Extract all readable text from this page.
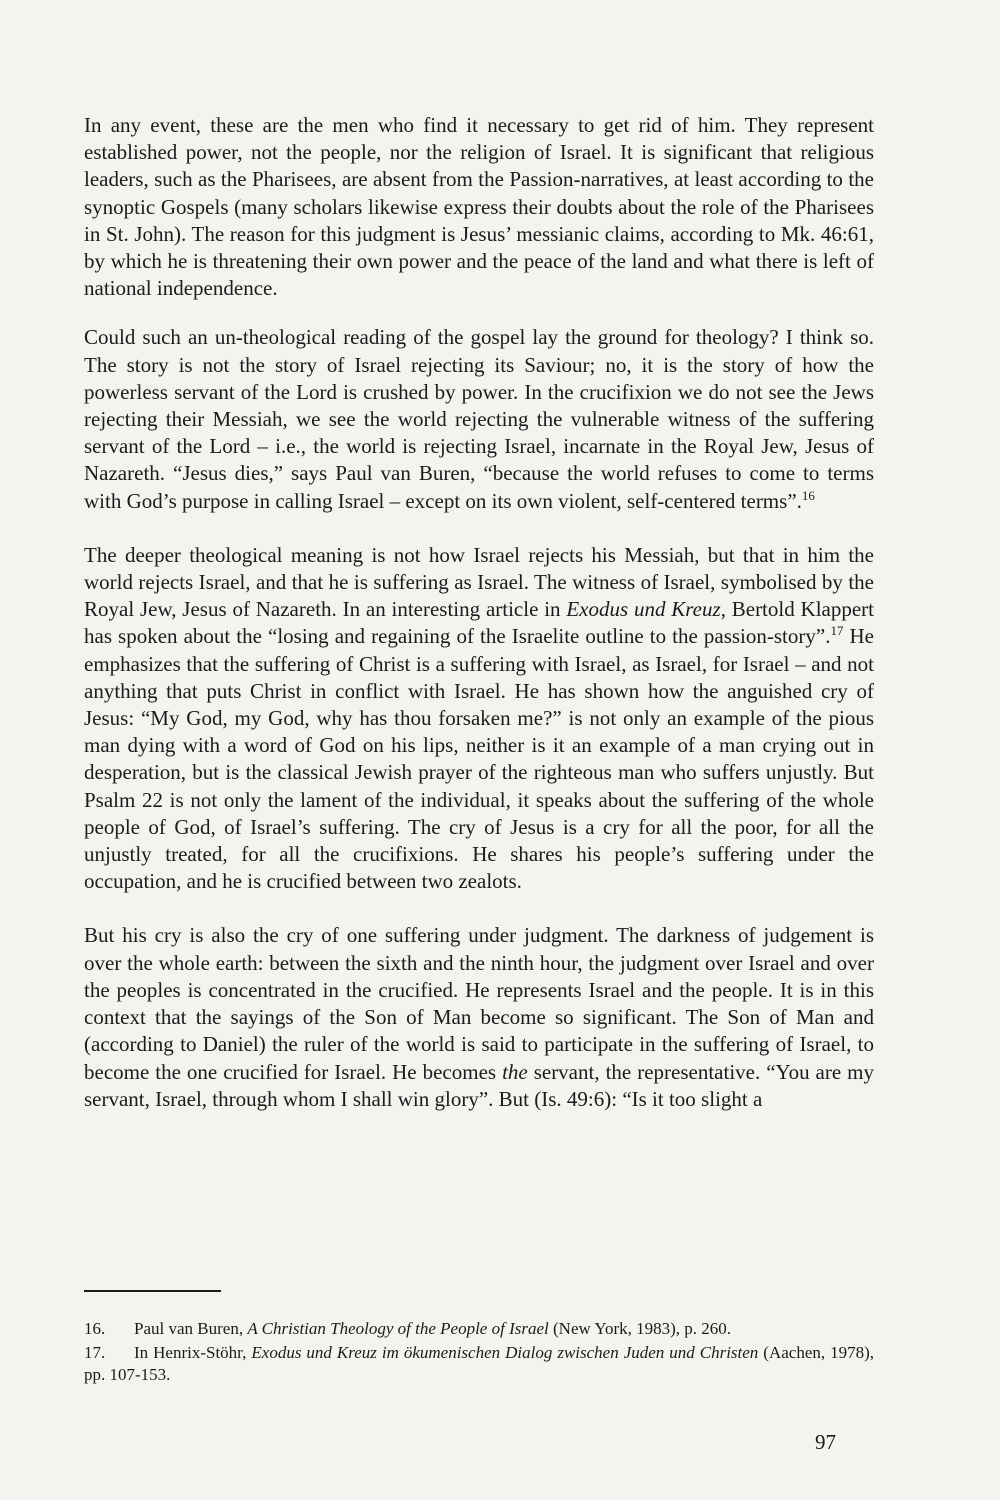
In any event, these are the men who find it necessary to get rid of him. They represent established power, not the people, nor the religion of Israel. It is significant that religious leaders, such as the Pharisees, are absent from the Passion-narratives, at least according to the synoptic Gospels (many scholars likewise express their doubts about the role of the Pharisees in St. John). The reason for this judgment is Jesus’ messianic claims, according to Mk. 46:61, by which he is threatening their own power and the peace of the land and what there is left of national independence.

Could such an un-theological reading of the gospel lay the ground for theology? I think so. The story is not the story of Israel rejecting its Saviour; no, it is the story of how the powerless servant of the Lord is crushed by power. In the crucifixion we do not see the Jews rejecting their Messiah, we see the world rejecting the vulnerable witness of the suffering servant of the Lord – i.e., the world is rejecting Israel, incarnate in the Royal Jew, Jesus of Nazareth. “Jesus dies,” says Paul van Buren, “because the world refuses to come to terms with God’s purpose in calling Israel – except on its own violent, self-centered terms”.$^{16}$

The deeper theological meaning is not how Israel rejects his Messiah, but that in him the world rejects Israel, and that he is suffering as Israel. The witness of Israel, symbolised by the Royal Jew, Jesus of Nazareth. In an interesting article in Exodus und Kreuz, Bertold Klappert has spoken about the “losing and regaining of the Israelite outline to the passion-story”.$^{17}$ He emphasizes that the suffering of Christ is a suffering with Israel, as Israel, for Israel – and not anything that puts Christ in conflict with Israel. He has shown how the anguished cry of Jesus: “My God, my God, why has thou forsaken me?” is not only an example of the pious man dying with a word of God on his lips, neither is it an example of a man crying out in desperation, but is the classical Jewish prayer of the righteous man who suffers unjustly. But Psalm 22 is not only the lament of the individual, it speaks about the suffering of the whole people of God, of Israel’s suffering. The cry of Jesus is a cry for all the poor, for all the unjustly treated, for all the crucifixions. He shares his people’s suffering under the occupation, and he is crucified between two zealots.

But his cry is also the cry of one suffering under judgment. The darkness of judgement is over the whole earth: between the sixth and the ninth hour, the judgment over Israel and over the peoples is concentrated in the crucified. He represents Israel and the people. It is in this context that the sayings of the Son of Man become so significant. The Son of Man and (according to Daniel) the ruler of the world is said to participate in the suffering of Israel, to become the one crucified for Israel. He becomes the servant, the representative. “You are my servant, Israel, through whom I shall win glory”. But (Is. 49:6): “Is it too slight a

16. Paul van Buren, A Christian Theology of the People of Israel (New York, 1983), p. 260.

17. In Henrix-Stöhr, Exodus und Kreuz im ökumenischen Dialog zwischen Juden und Christen (Aachen, 1978), pp. 107-153.

97
